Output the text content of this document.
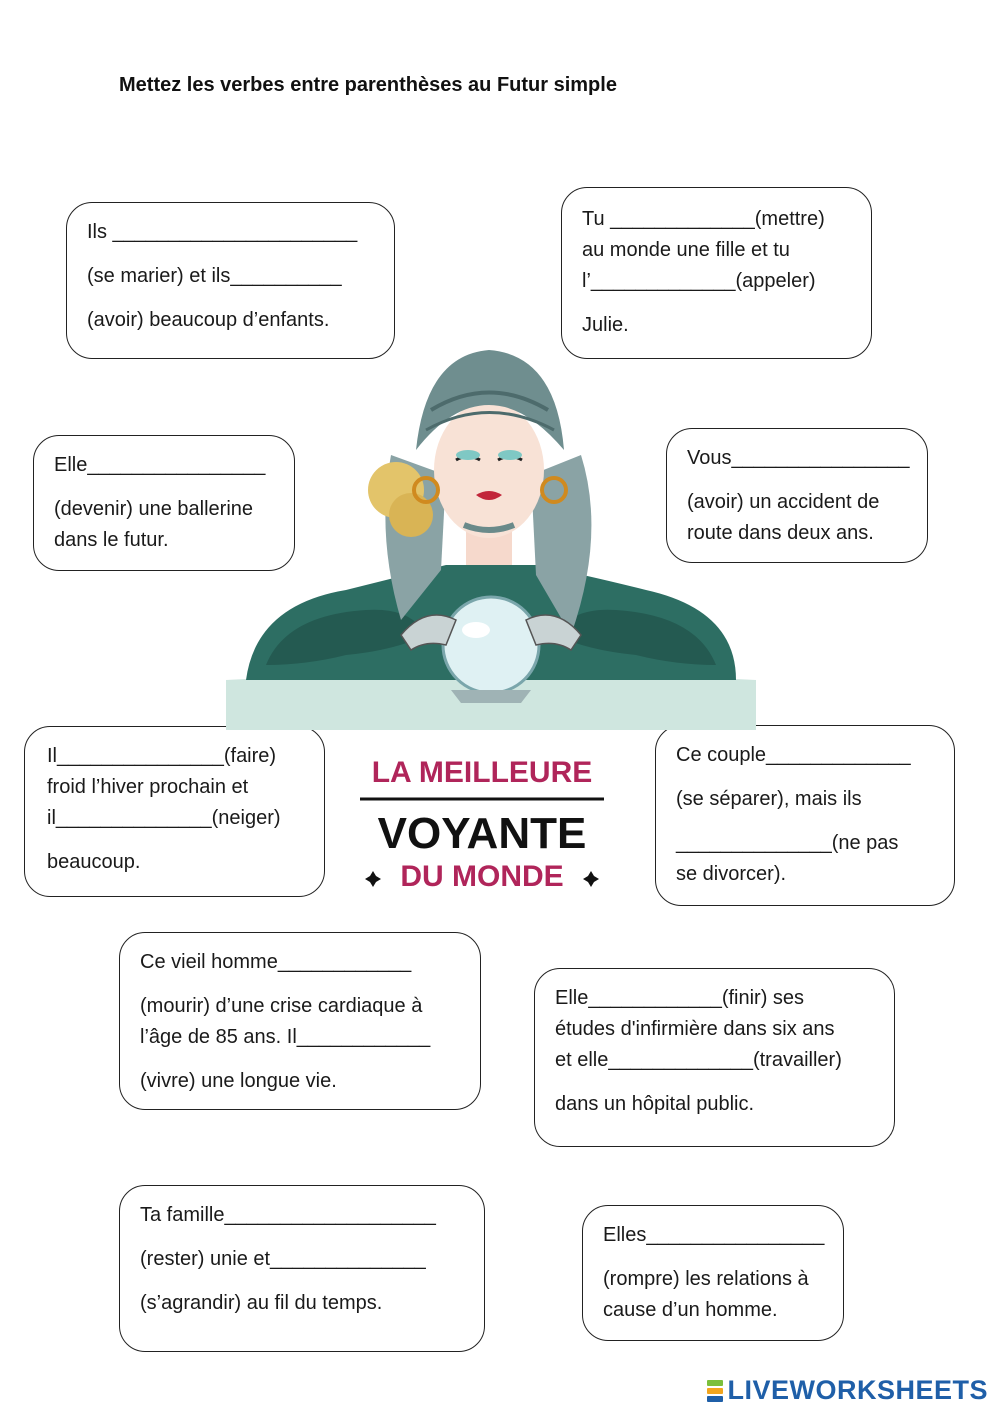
Mettez les verbes entre parenthèses au Futur simple

Ils ______________________

(se marier) et ils__________

(avoir) beaucoup d’enfants.

Tu _____________(mettre)

au monde une fille et tu

l’_____________(appeler)

Julie.

Elle________________

(devenir) une ballerine

dans le futur.

Vous________________

(avoir) un accident de

route dans deux ans.

Il_______________(faire)

froid l’hiver prochain et

il______________(neiger)

beaucoup.

Ce couple_____________

(se séparer), mais ils

______________(ne pas

se divorcer).

Ce vieil homme____________

(mourir) d’une crise cardiaque à

l’âge de 85 ans. Il____________

(vivre) une longue vie.

Elle____________(finir) ses

études d'infirmière dans six ans

et elle_____________(travailler)

dans un hôpital public.

Ta famille___________________

(rester) unie et______________

(s’agrandir) au fil du temps.

Elles________________

(rompre) les relations à

cause d’un homme.

LA MEILLEURE
VOYANTE
DU MONDE
LIVEWORKSHEETS
